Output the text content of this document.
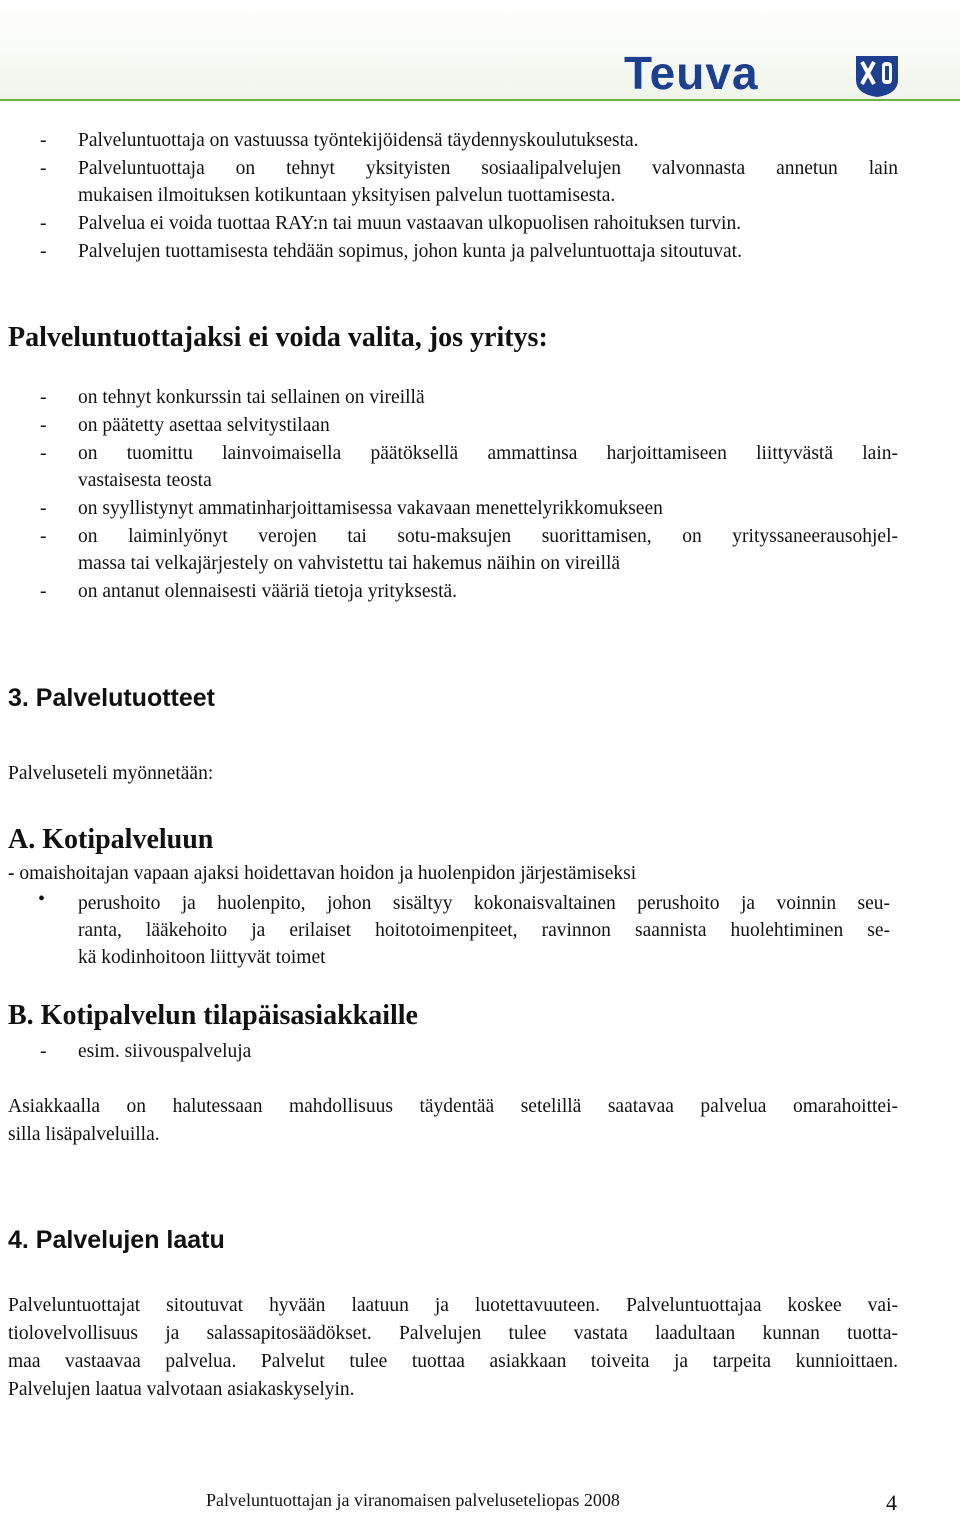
Teuva
- Palveluntuottaja on vastuussa työntekijöidensä täydennyskoulutuksesta.
- Palveluntuottaja on tehnyt yksityisten sosiaalipalvelujen valvonnasta annetun lain
mukaisen ilmoituksen kotikuntaan yksityisen palvelun tuottamisesta.
- Palvelua ei voida tuottaa RAY:n tai muun vastaavan ulkopuolisen rahoituksen turvin.
- Palvelujen tuottamisesta tehdään sopimus, johon kunta ja palveluntuottaja sitoutuvat.
Palveluntuottajaksi ei voida valita, jos yritys:
- on tehnyt konkurssin tai sellainen on vireillä
- on päätetty asettaa selvitystilaan
- on tuomittu lainvoimaisella päätöksellä ammattinsa harjoittamiseen liittyvästä lain-
vastaisesta teosta
- on syyllistynyt ammatinharjoittamisessa vakavaan menettelyrikkomukseen
- on laiminlyönyt verojen tai sotu-maksujen suorittamisen, on yrityssaneerausohjel-
massa tai velkajärjestely on vahvistettu tai hakemus näihin on vireillä
- on antanut olennaisesti vääriä tietoja yrityksestä.
3. Palvelutuotteet
Palveluseteli myönnetään:
A. Kotipalveluun
- omaishoitajan vapaan ajaksi hoidettavan hoidon ja huolenpidon järjestämiseksi
• perushoito ja huolenpito, johon sisältyy kokonaisvaltainen perushoito ja voinnin seu-
ranta, lääkehoito ja erilaiset hoitotoimenpiteet, ravinnon saannista huolehtiminen se-
kä kodinhoitoon liittyvät toimet
B. Kotipalvelun tilapäisasiakkaille
- esim. siivouspalveluja
Asiakkaalla on halutessaan mahdollisuus täydentää setelillä saatavaa palvelua omarahoittei-
silla lisäpalveluilla.
4. Palvelujen laatu
Palveluntuottajat sitoutuvat hyvään laatuun ja luotettavuuteen. Palveluntuottajaa koskee vai-
tiolovelvollisuus ja salassapitosäädökset. Palvelujen tulee vastata laadultaan kunnan tuotta-
maa vastaavaa palvelua. Palvelut tulee tuottaa asiakkaan toiveita ja tarpeita kunnioittaen.
Palvelujen laatua valvotaan asiakaskyselyin.
Palveluntuottajan ja viranomaisen palveluseteliopas 2008	4
